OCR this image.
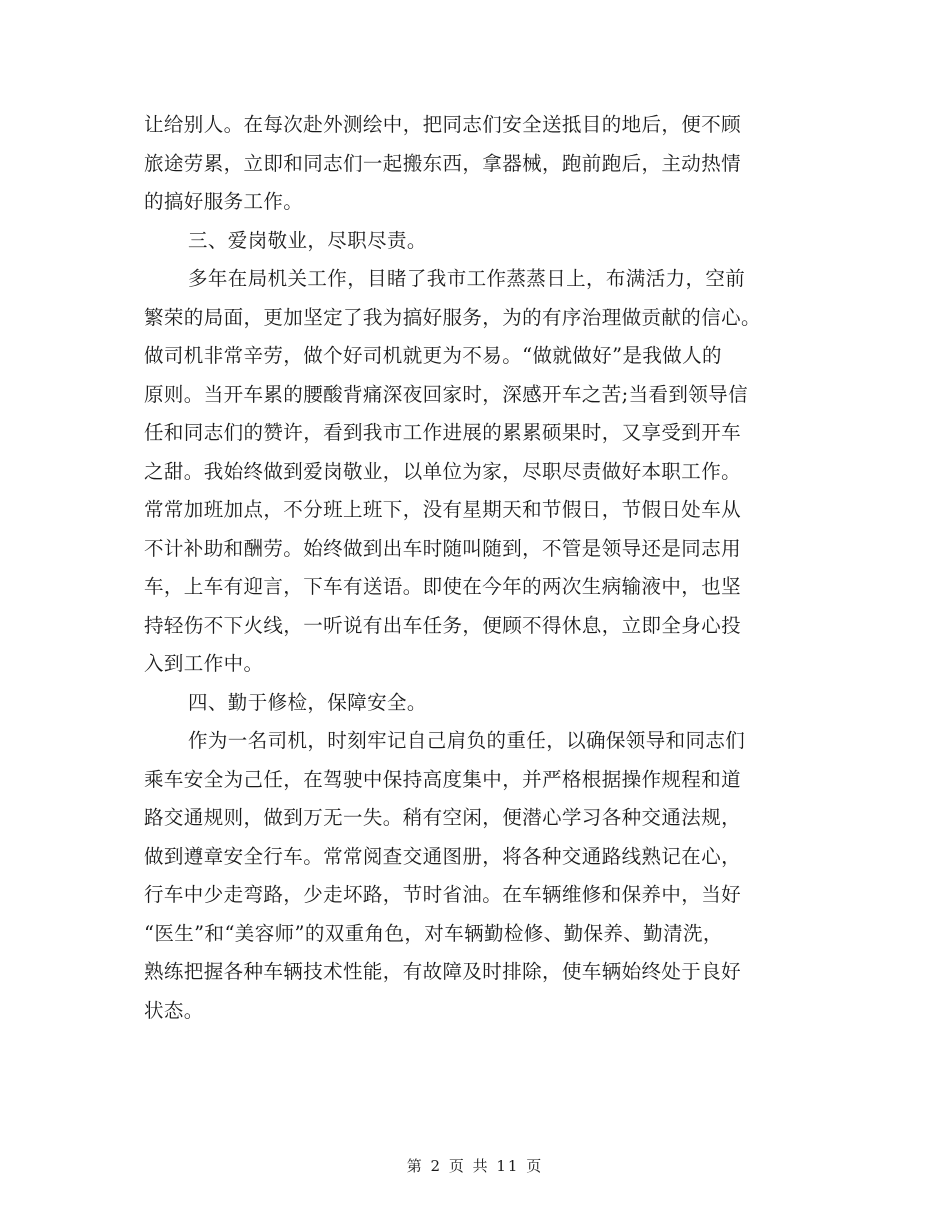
让给别人。在每次赴外测绘中，把同志们安全送抵目的地后，便不顾
旅途劳累，立即和同志们一起搬东西，拿器械，跑前跑后，主动热情
的搞好服务工作。
三、爱岗敬业，尽职尽责。
多年在局机关工作，目睹了我市工作蒸蒸日上，布满活力，空前
繁荣的局面，更加坚定了我为搞好服务，为的有序治理做贡献的信心。
做司机非常辛劳，做个好司机就更为不易。“做就做好”是我做人的
原则。当开车累的腰酸背痛深夜回家时，深感开车之苦;当看到领导信
任和同志们的赞许，看到我市工作进展的累累硕果时，又享受到开车
之甜。我始终做到爱岗敬业，以单位为家，尽职尽责做好本职工作。
常常加班加点，不分班上班下，没有星期天和节假日，节假日处车从
不计补助和酬劳。始终做到出车时随叫随到，不管是领导还是同志用
车，上车有迎言，下车有送语。即使在今年的两次生病输液中，也坚
持轻伤不下火线，一听说有出车任务，便顾不得休息，立即全身心投
入到工作中。
四、勤于修检，保障安全。
作为一名司机，时刻牢记自己肩负的重任，以确保领导和同志们
乘车安全为己任，在驾驶中保持高度集中，并严格根据操作规程和道
路交通规则，做到万无一失。稍有空闲，便潜心学习各种交通法规，
做到遵章安全行车。常常阅查交通图册，将各种交通路线熟记在心，
行车中少走弯路，少走坏路，节时省油。在车辆维修和保养中，当好
“医生”和“美容师”的双重角色，对车辆勤检修、勤保养、勤清洗，
熟练把握各种车辆技术性能，有故障及时排除，使车辆始终处于良好
状态。
第 2 页 共 11 页
